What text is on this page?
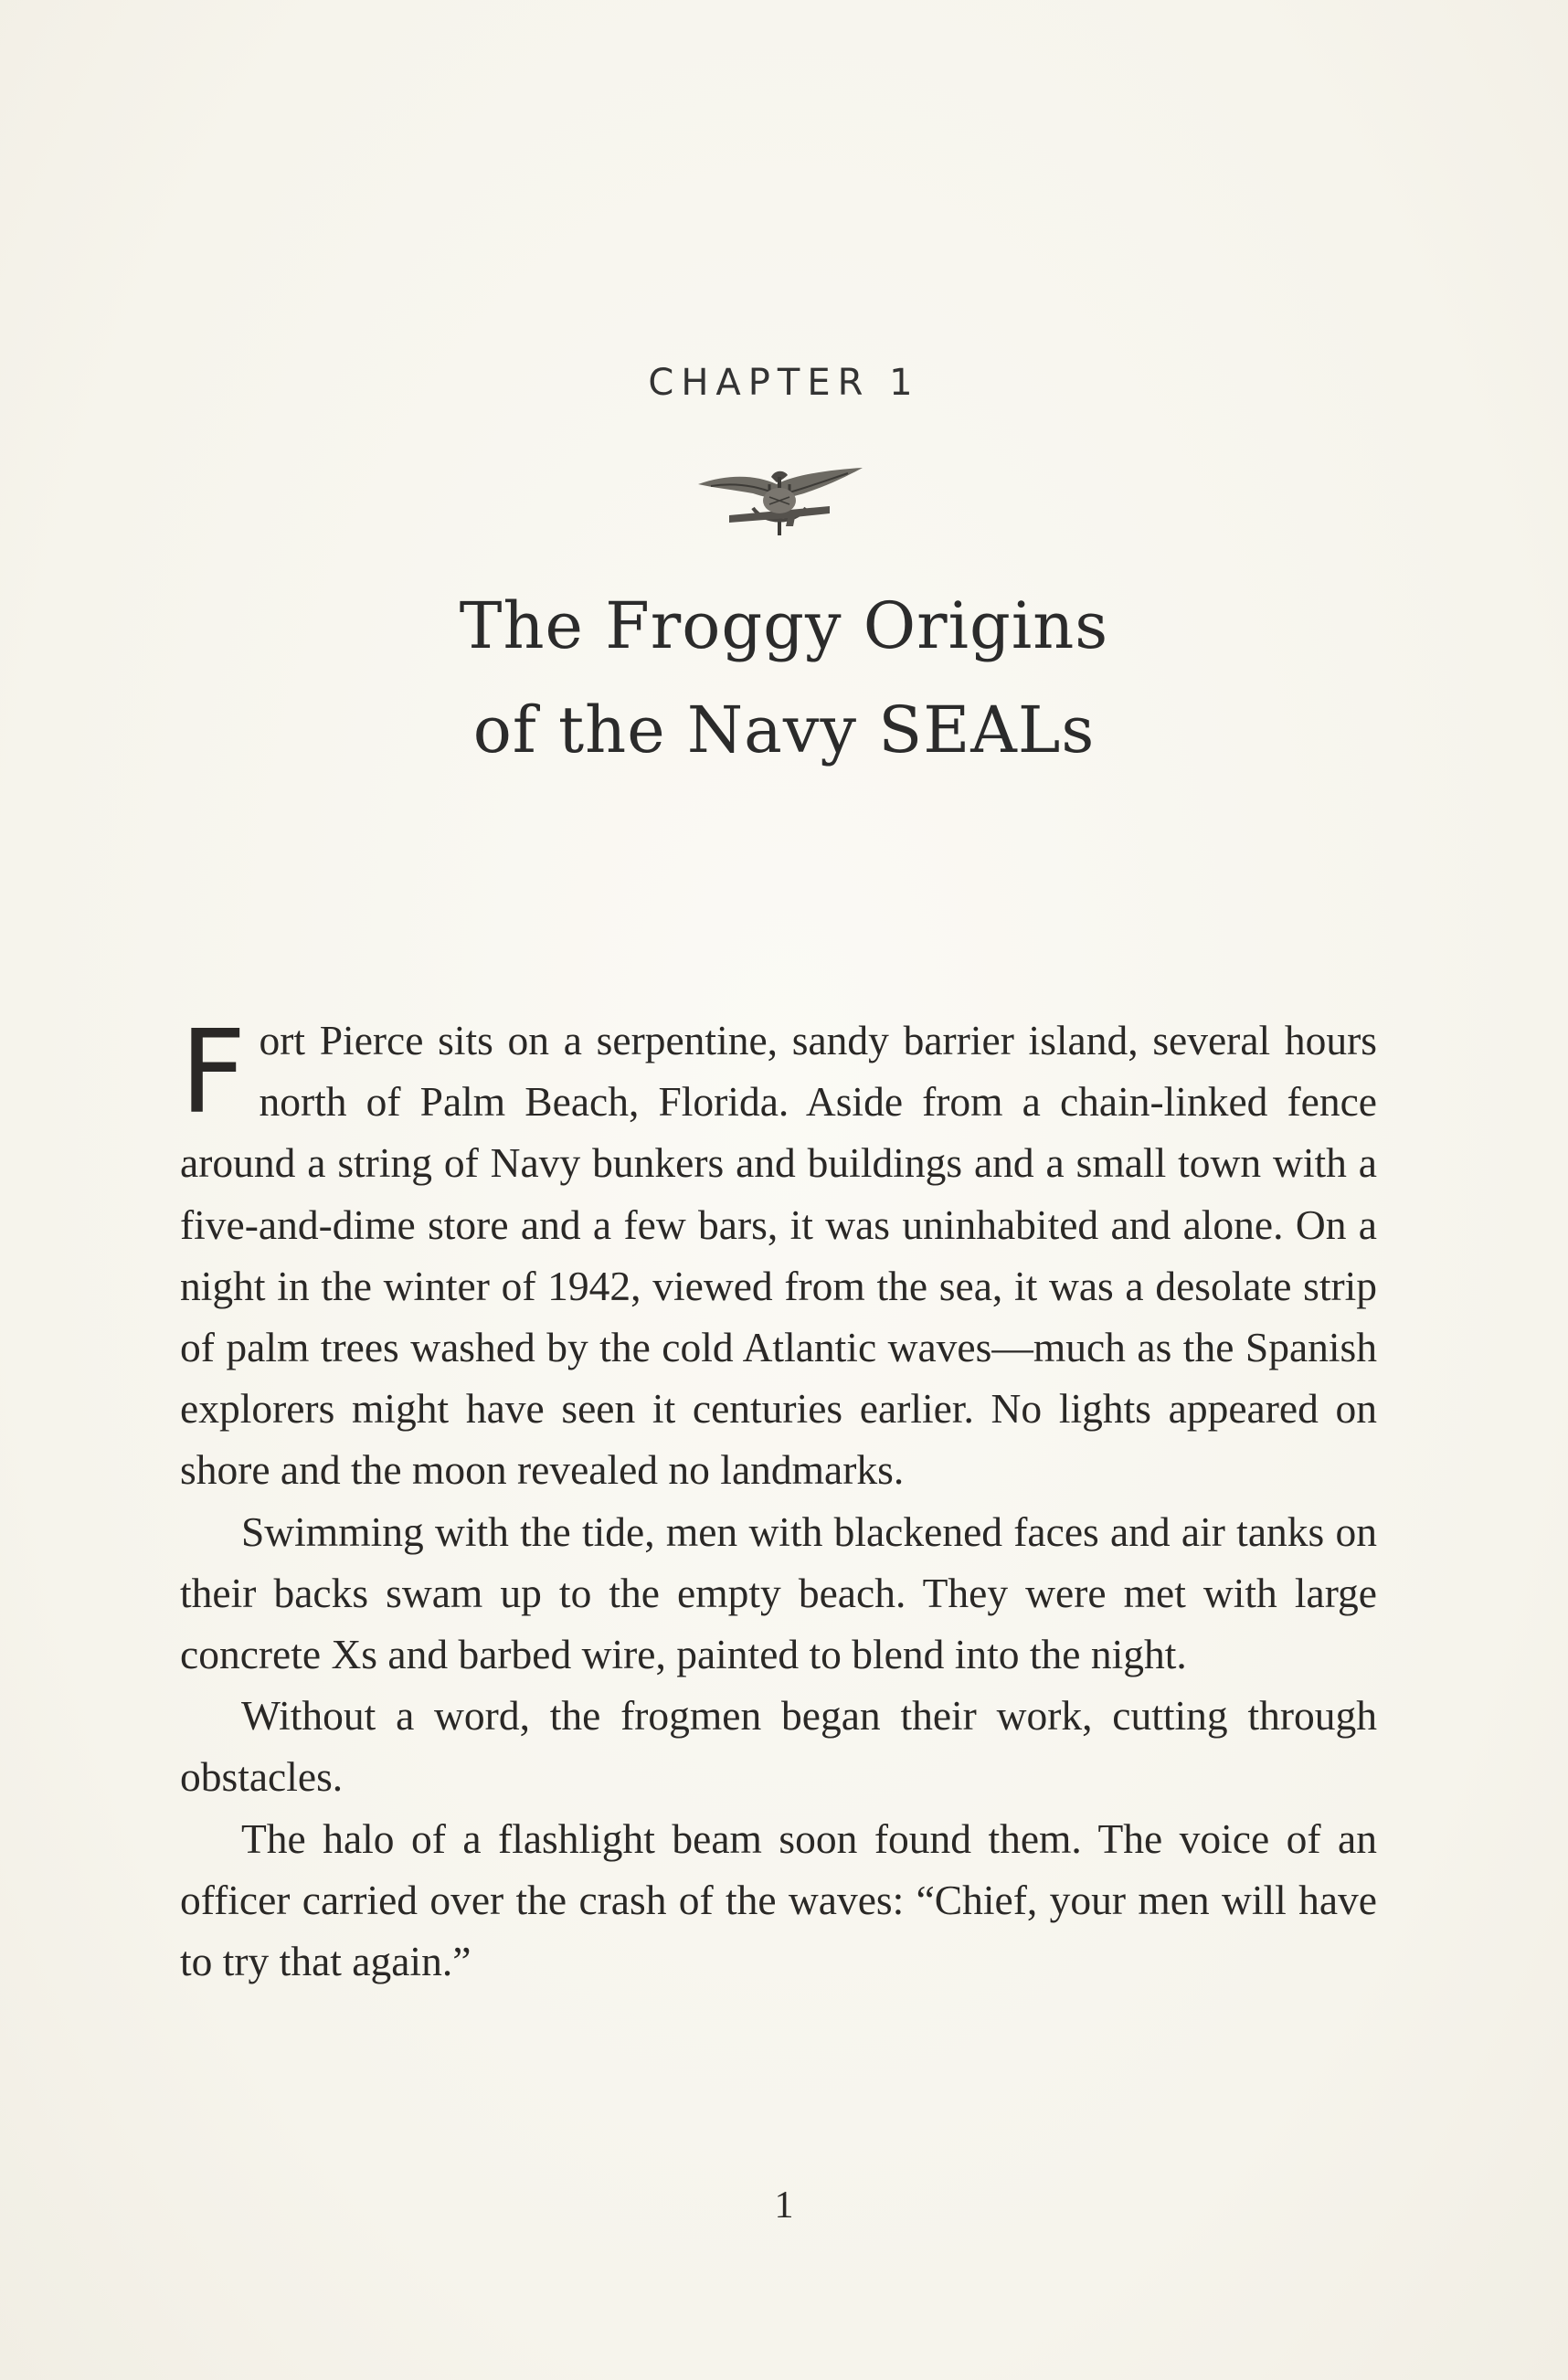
CHAPTER 1
The Froggy Origins
of the Navy SEALs

Fort Pierce sits on a serpentine, sandy barrier island, several hours north of Palm Beach, Florida. Aside from a chain-linked fence around a string of Navy bunkers and buildings and a small town with a five-and-dime store and a few bars, it was uninhabited and alone. On a night in the winter of 1942, viewed from the sea, it was a desolate strip of palm trees washed by the cold Atlantic waves—much as the Spanish explorers might have seen it centuries earlier. No lights appeared on shore and the moon revealed no landmarks.

Swimming with the tide, men with blackened faces and air tanks on their backs swam up to the empty beach. They were met with large concrete Xs and barbed wire, painted to blend into the night.

Without a word, the frogmen began their work, cutting through obstacles.

The halo of a flashlight beam soon found them. The voice of an officer carried over the crash of the waves: “Chief, your men will have to try that again.”

1
